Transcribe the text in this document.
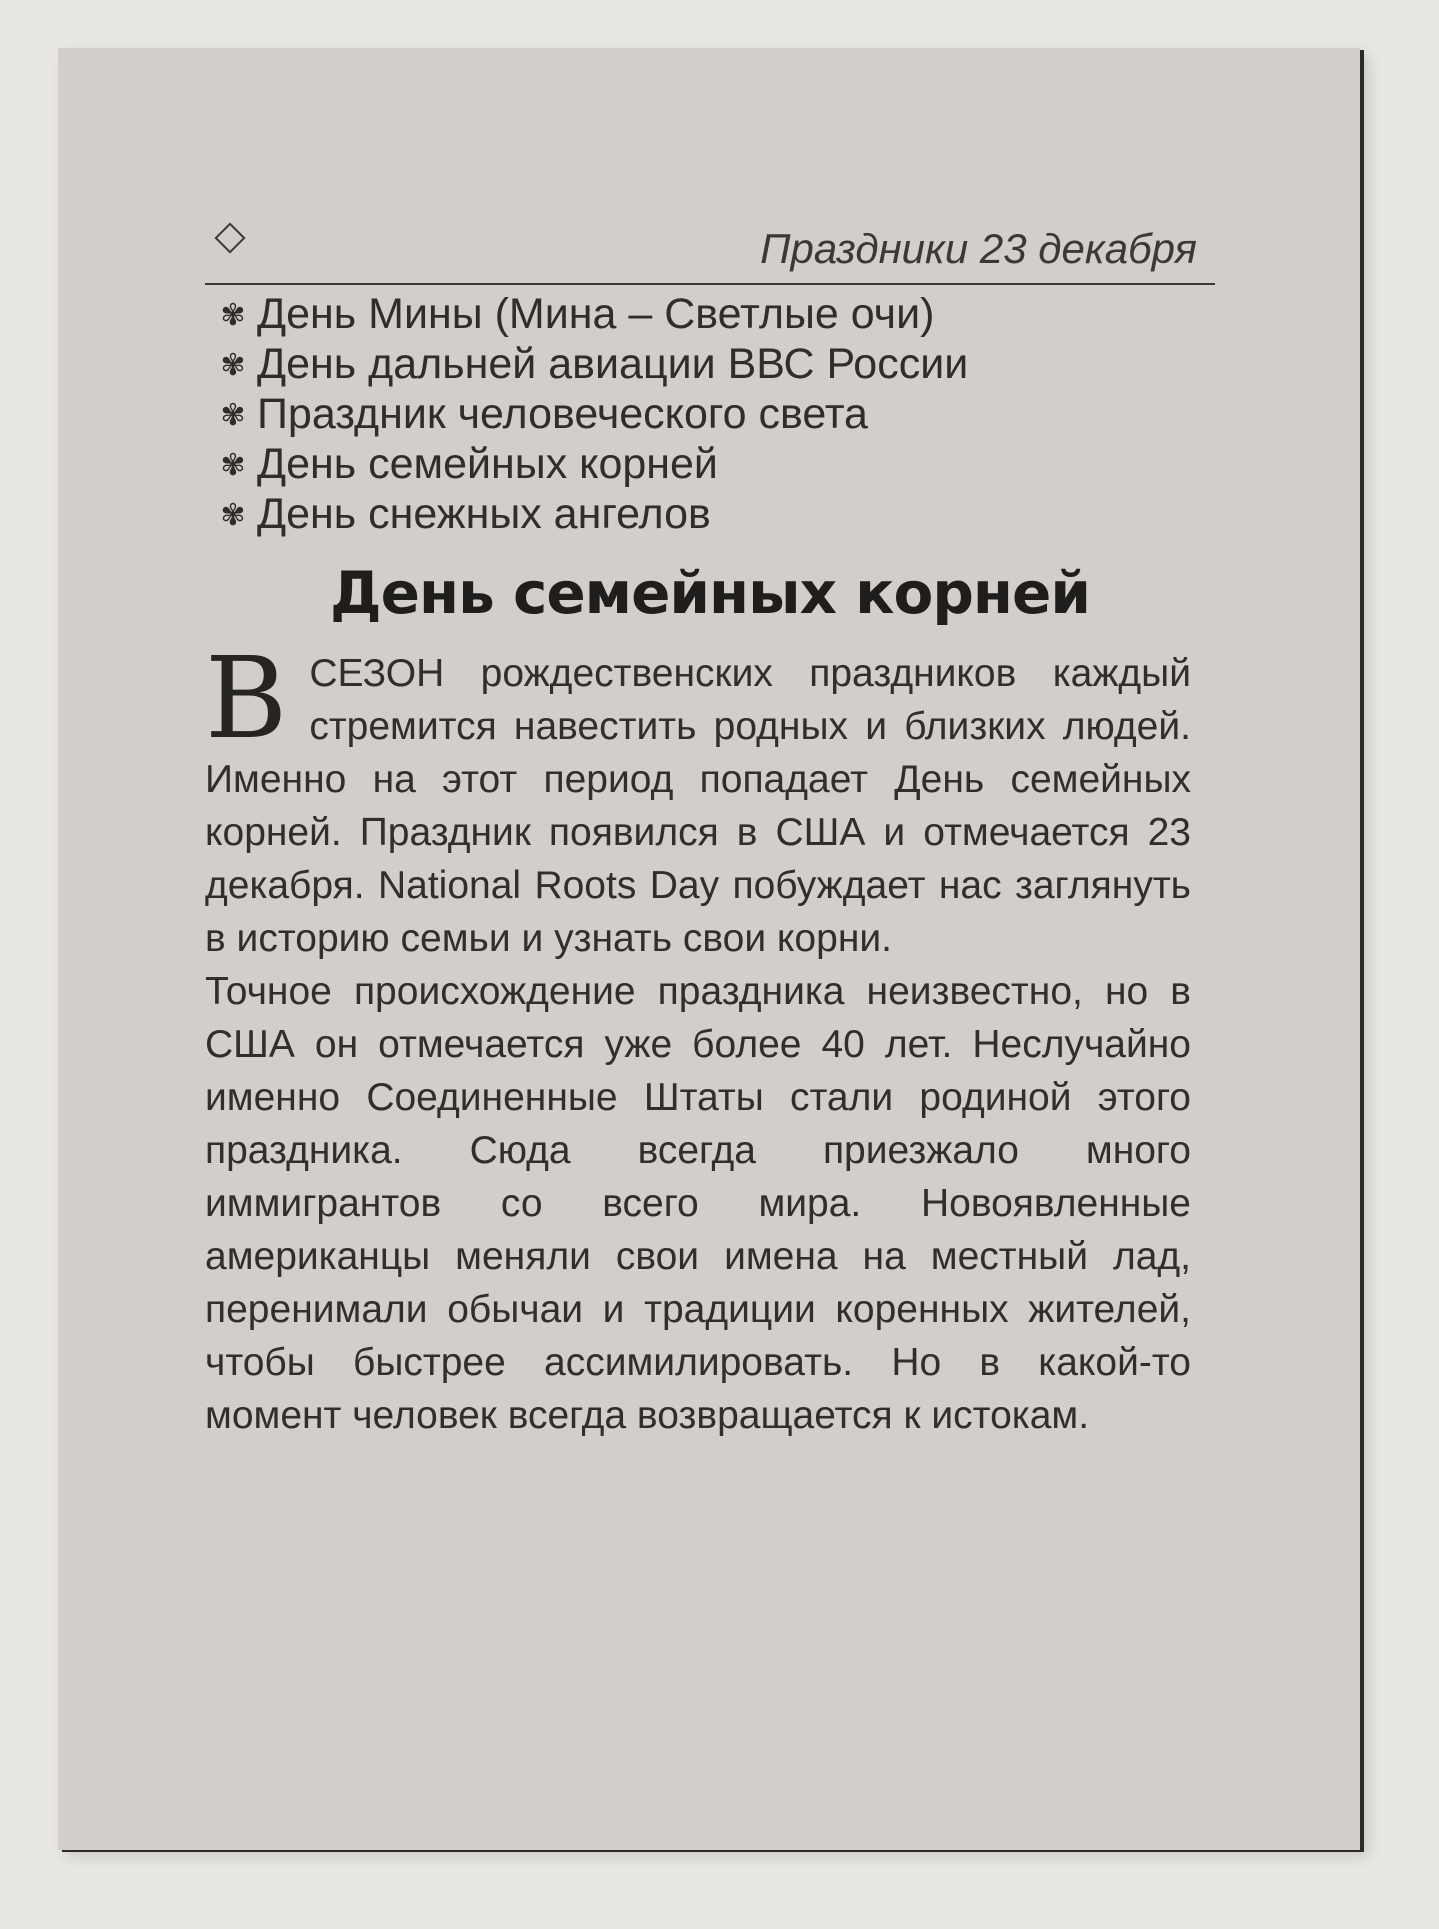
Праздники 23 декабря
✾ День Мины (Мина – Светлые очи)
✾ День дальней авиации ВВС России
✾ Праздник человеческого света
✾ День семейных корней
✾ День снежных ангелов
День семейных корней

В СЕЗОН рождественских праздников каждый стремится навестить родных и близких людей. Именно на этот период попадает День семейных корней. Праздник появился в США и отмечается 23 декабря. National Roots Day побуждает нас заглянуть в историю семьи и узнать свои корни.

Точное происхождение праздника неизвестно, но в США он отмечается уже более 40 лет. Неслучайно именно Соединенные Штаты стали родиной этого праздника. Сюда всегда приезжало много иммигрантов со всего мира. Новоявленные американцы меняли свои имена на местный лад, перенимали обычаи и традиции коренных жителей, чтобы быстрее ассимилировать. Но в какой-то момент человек всегда возвращается к истокам.
